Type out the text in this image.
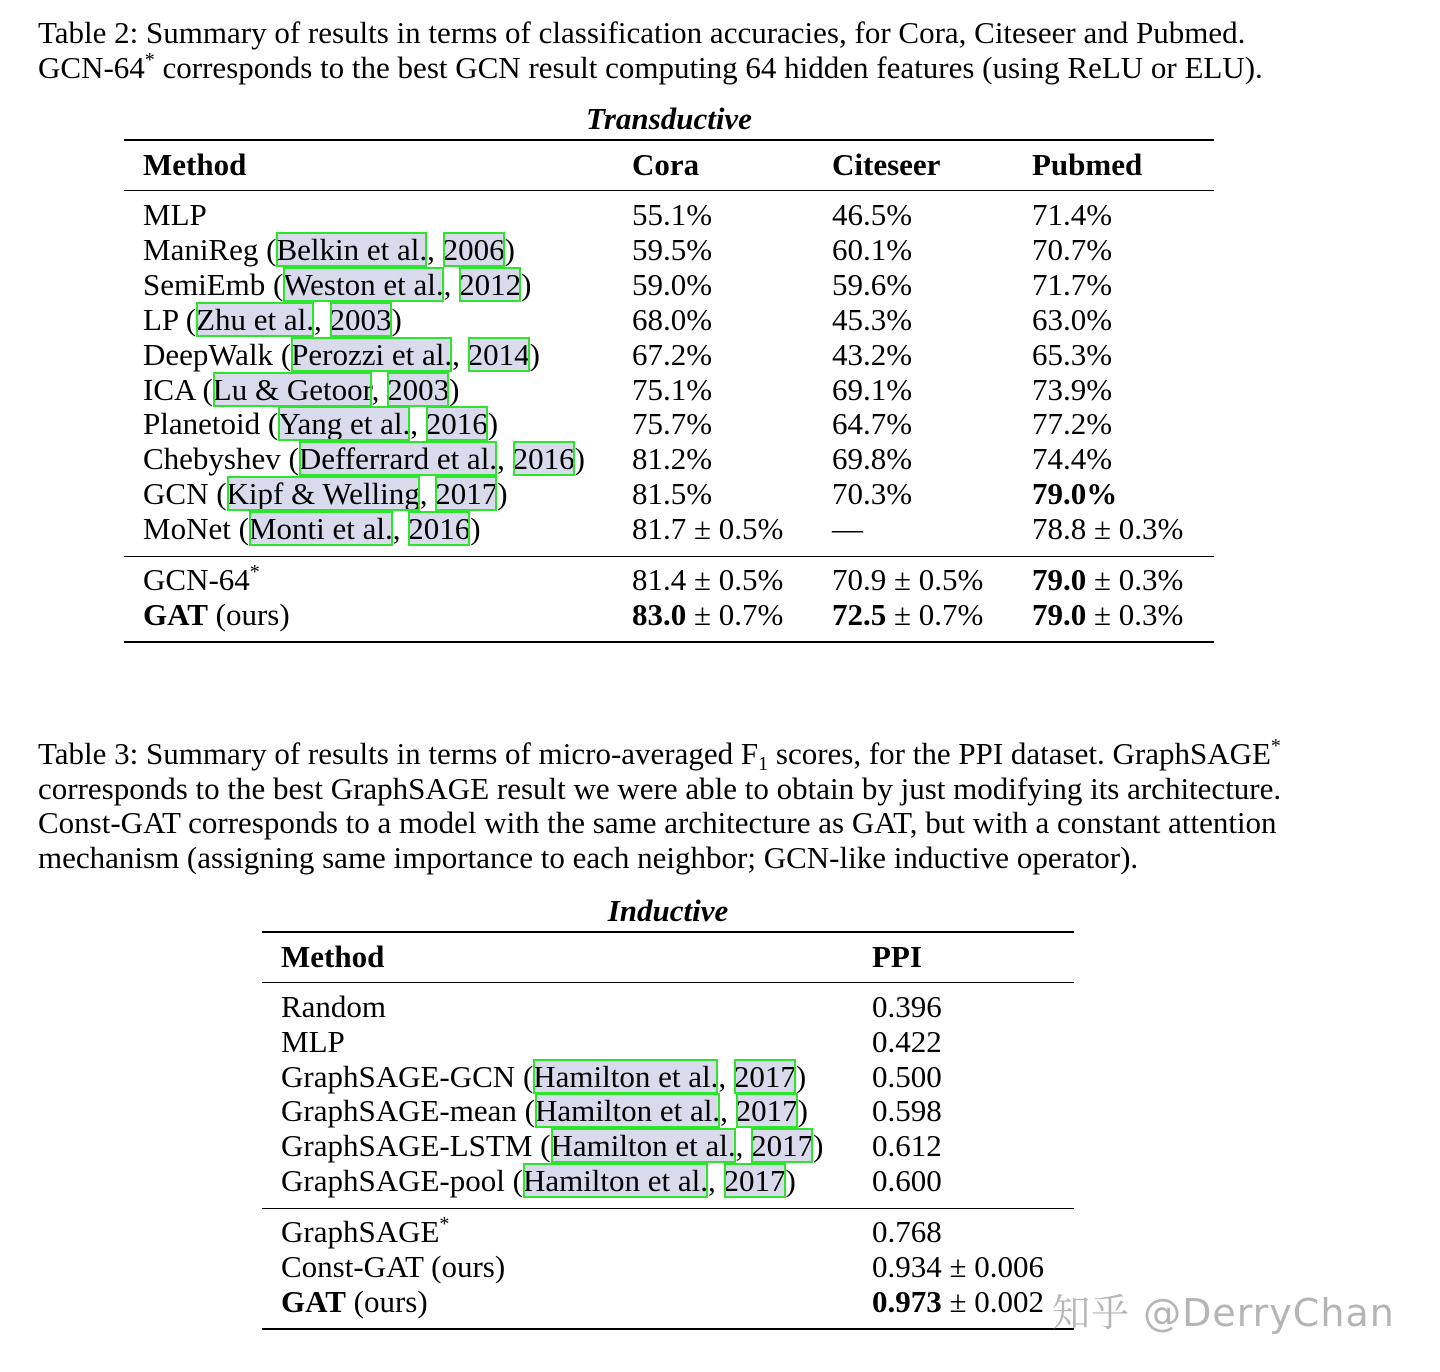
Table 2: Summary of results in terms of classification accuracies, for Cora, Citeseer and Pubmed. GCN-64* corresponds to the best GCN result computing 64 hidden features (using ReLU or ELU).
Transductive
Method	Cora	Citeseer	Pubmed
MLP	55.1%	46.5%	71.4%
ManiReg (Belkin et al., 2006)	59.5%	60.1%	70.7%
SemiEmb (Weston et al., 2012)	59.0%	59.6%	71.7%
LP (Zhu et al., 2003)	68.0%	45.3%	63.0%
DeepWalk (Perozzi et al., 2014)	67.2%	43.2%	65.3%
ICA (Lu & Getoor, 2003)	75.1%	69.1%	73.9%
Planetoid (Yang et al., 2016)	75.7%	64.7%	77.2%
Chebyshev (Defferrard et al., 2016) 81.2%	69.8%	74.4%
GCN (Kipf & Welling, 2017)	81.5%	70.3%	79.0%
MoNet (Monti et al., 2016)	81.7 ± 0.5% —	78.8 ± 0.3%
GCN-64*	81.4 ± 0.5% 70.9 ± 0.5% 79.0 ± 0.3%
GAT (ours)	83.0 ± 0.7% 72.5 ± 0.7% 79.0 ± 0.3%
Table 3: Summary of results in terms of micro-averaged $F_1$ scores, for the PPI dataset. GraphSAGE* corresponds to the best GraphSAGE result we were able to obtain by just modifying its architecture. Const-GAT corresponds to a model with the same architecture as GAT, but with a constant attention mechanism (assigning same importance to each neighbor; GCN-like inductive operator).
Inductive
Method	PPI
Random	0.396
MLP	0.422
GraphSAGE-GCN (Hamilton et al., 2017) 0.500
GraphSAGE-mean (Hamilton et al., 2017) 0.598
GraphSAGE-LSTM (Hamilton et al., 2017) 0.612
GraphSAGE-pool (Hamilton et al., 2017) 0.600
GraphSAGE*	0.768
Const-GAT (ours)	0.934 ± 0.006
GAT (ours)	0.973 ± 0.002 知乎 @DerryChan
